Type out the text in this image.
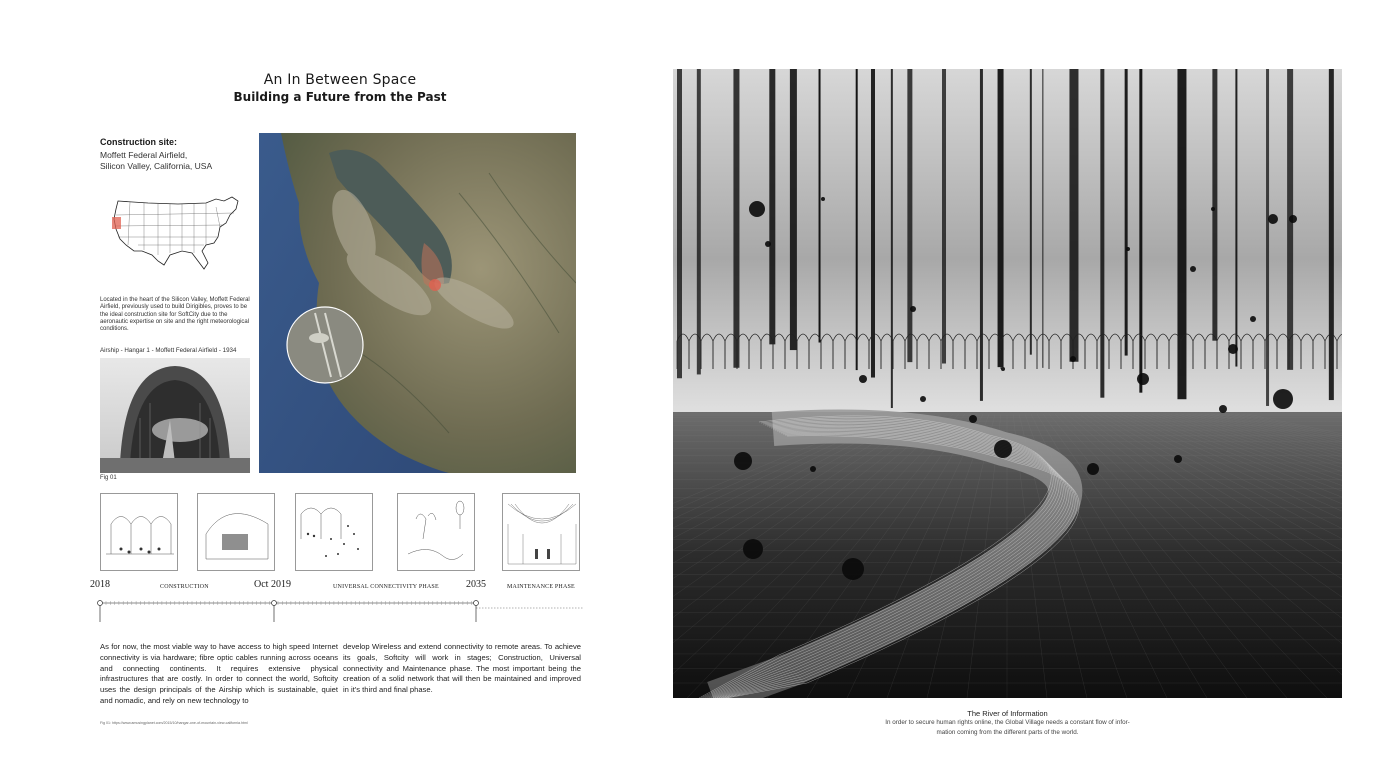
An In Between Space
Building a Future from the Past
Construction site:
Moffett Federal Airfield,
Silicon Valley, California, USA
Located in the heart of the Silicon Valley, Moffett Federal Airfield, previously used to build Dirigibles, proves to be the ideal construction site for SoftCity due to the aeronautic expertise on site and the right meteorological conditions.
Airship - Hangar 1 - Moffett Federal Airfield - 1934
Fig 01
2018	Oct 2019	2035
CONSTRUCTION	UNIVERSAL CONNECTIVITY PHASE	MAINTENANCE PHASE
As for now, the most viable way to have access to high speed Internet connectivity is via hardware; fibre optic cables running across oceans and connecting continents. It requires extensive physical infrastructures that are costly. In order to connect the world, Softcity uses the design principals of the Airship which is sustainable, quiet and nomadic, and rely on new technology to
develop Wireless and extend connectivity to remote areas. To achieve its goals, Softcity will work in stages; Construction, Universal connectivity and Maintenance phase. The most important being the creation of a solid network that will then be maintained and improved in it's third and final phase.
Fig 01: https://www.amusingplanet.com/2015/10/hangar-one-of-mountain-view-california.html
The River of Information
In order to secure human rights online, the Global Village needs a constant flow of infor-
mation coming from the different parts of the world.
